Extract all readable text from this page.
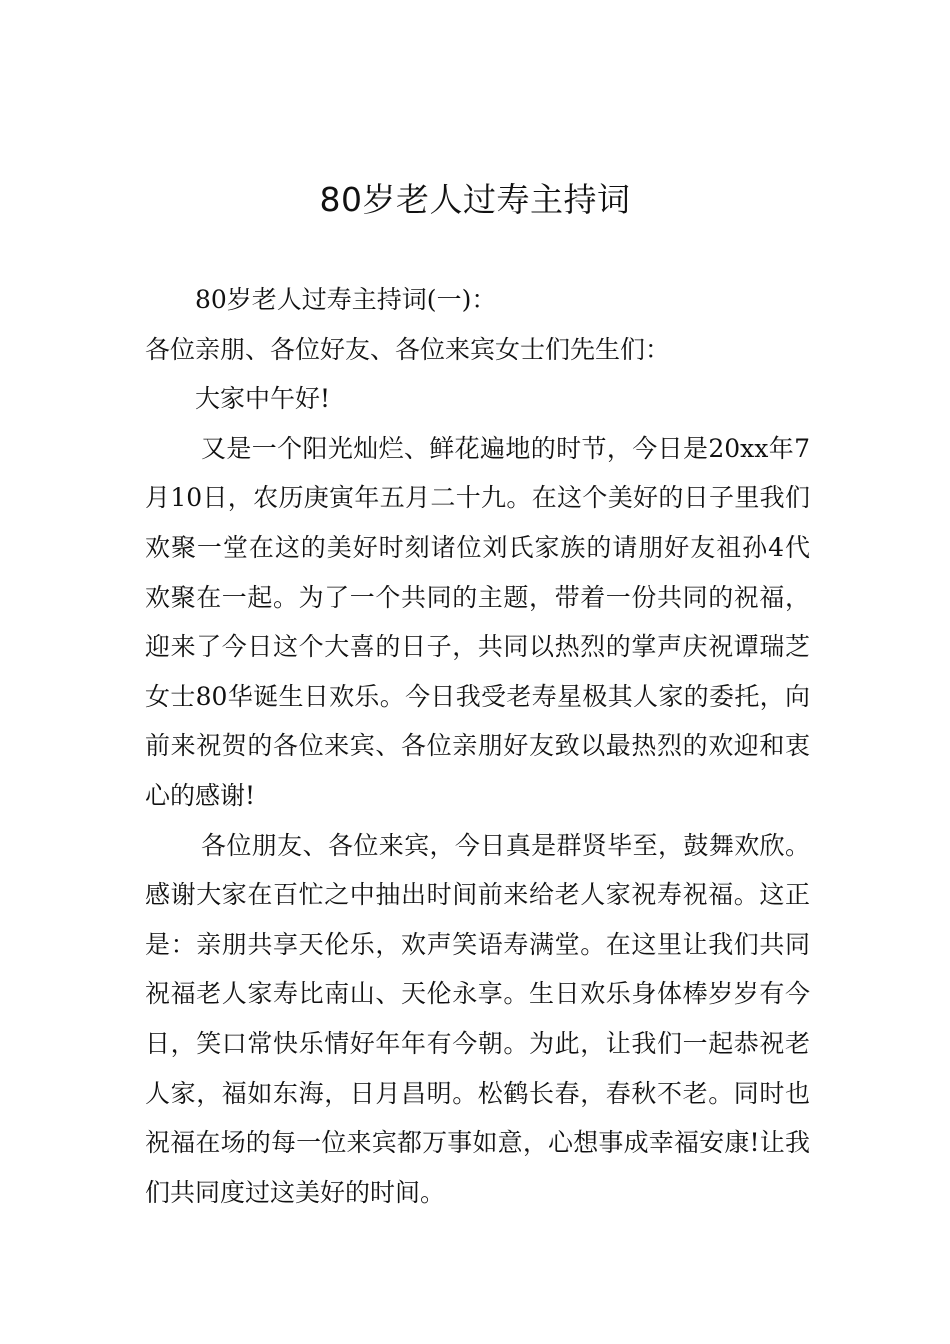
80岁老人过寿主持词

80岁老人过寿主持词(一)：

各位亲朋、各位好友、各位来宾女士们先生们：

大家中午好!

又是一个阳光灿烂、鲜花遍地的时节，今日是20xx年7月10日，农历庚寅年五月二十九。在这个美好的日子里我们欢聚一堂在这的美好时刻诸位刘氏家族的请朋好友祖孙4代欢聚在一起。为了一个共同的主题，带着一份共同的祝福，迎来了今日这个大喜的日子，共同以热烈的掌声庆祝谭瑞芝女士80华诞生日欢乐。今日我受老寿星极其人家的委托，向前来祝贺的各位来宾、各位亲朋好友致以最热烈的欢迎和衷心的感谢!

各位朋友、各位来宾，今日真是群贤毕至，鼓舞欢欣。感谢大家在百忙之中抽出时间前来给老人家祝寿祝福。这正是：亲朋共享天伦乐，欢声笑语寿满堂。在这里让我们共同祝福老人家寿比南山、天伦永享。生日欢乐身体棒岁岁有今日，笑口常快乐情好年年有今朝。为此，让我们一起恭祝老人家，福如东海，日月昌明。松鹤长春，春秋不老。同时也祝福在场的每一位来宾都万事如意，心想事成幸福安康!让我们共同度过这美好的时间。
